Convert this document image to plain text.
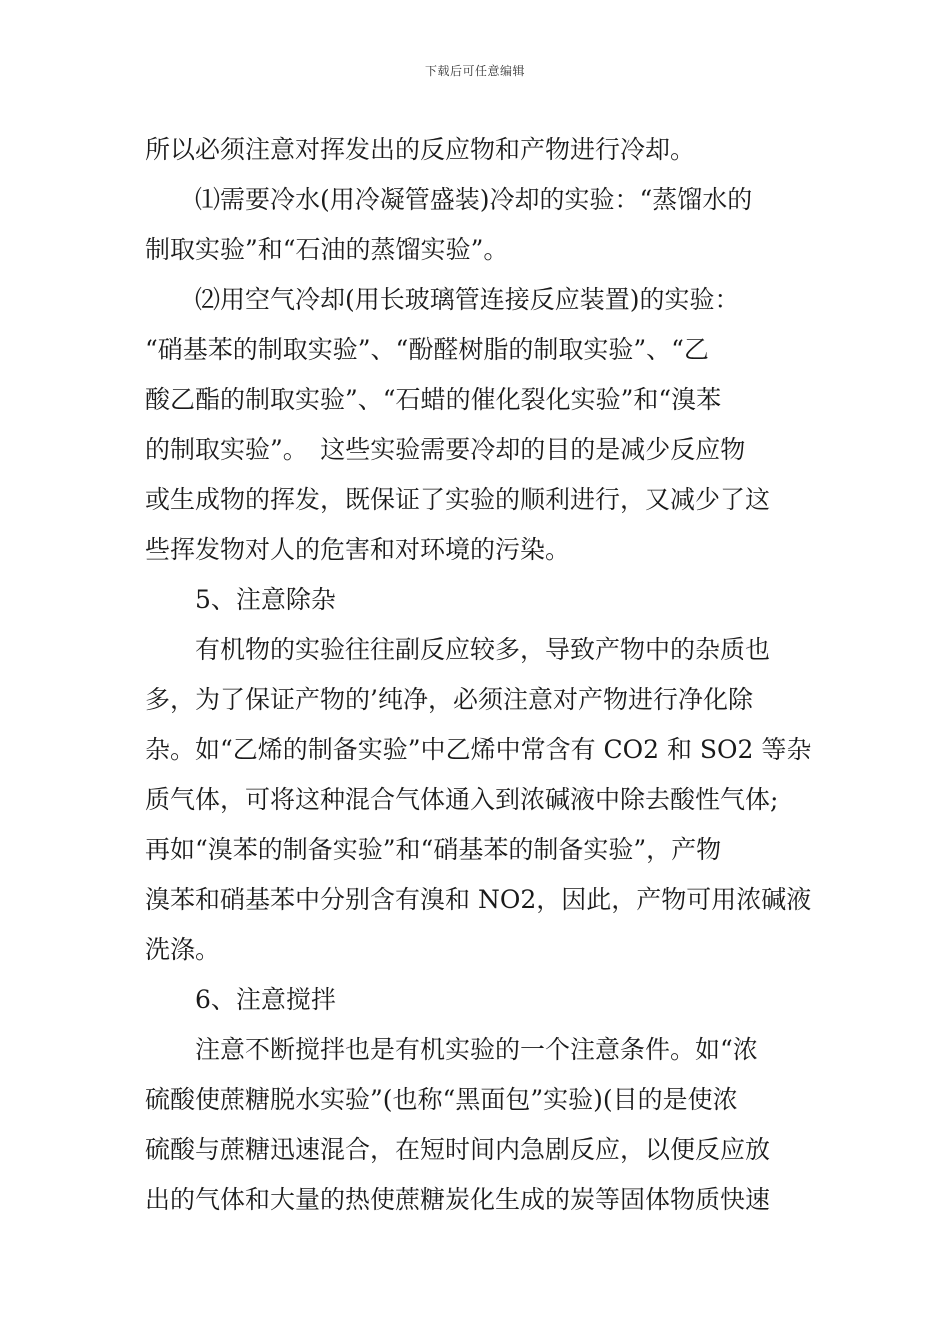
下载后可任意编辑
所以必须注意对挥发出的反应物和产物进行冷却。
⑴需要冷水(用冷凝管盛装)冷却的实验：“蒸馏水的
制取实验”和“石油的蒸馏实验”。
⑵用空气冷却(用长玻璃管连接反应装置)的实验：
“硝基苯的制取实验”、“酚醛树脂的制取实验”、“乙
酸乙酯的制取实验”、“石蜡的催化裂化实验”和“溴苯
的制取实验”。　这些实验需要冷却的目的是减少反应物
或生成物的挥发，既保证了实验的顺利进行，又减少了这
些挥发物对人的危害和对环境的污染。
5、注意除杂
有机物的实验往往副反应较多，导致产物中的杂质也
多，为了保证产物的’纯净，必须注意对产物进行净化除
杂。如“乙烯的制备实验”中乙烯中常含有 CO2 和 SO2 等杂
质气体，可将这种混合气体通入到浓碱液中除去酸性气体;
再如“溴苯的制备实验”和“硝基苯的制备实验”，产物
溴苯和硝基苯中分别含有溴和 NO2，因此，产物可用浓碱液
洗涤。
6、注意搅拌
注意不断搅拌也是有机实验的一个注意条件。如“浓
硫酸使蔗糖脱水实验”(也称“黑面包”实验)(目的是使浓
硫酸与蔗糖迅速混合，在短时间内急剧反应，以便反应放
出的气体和大量的热使蔗糖炭化生成的炭等固体物质快速
